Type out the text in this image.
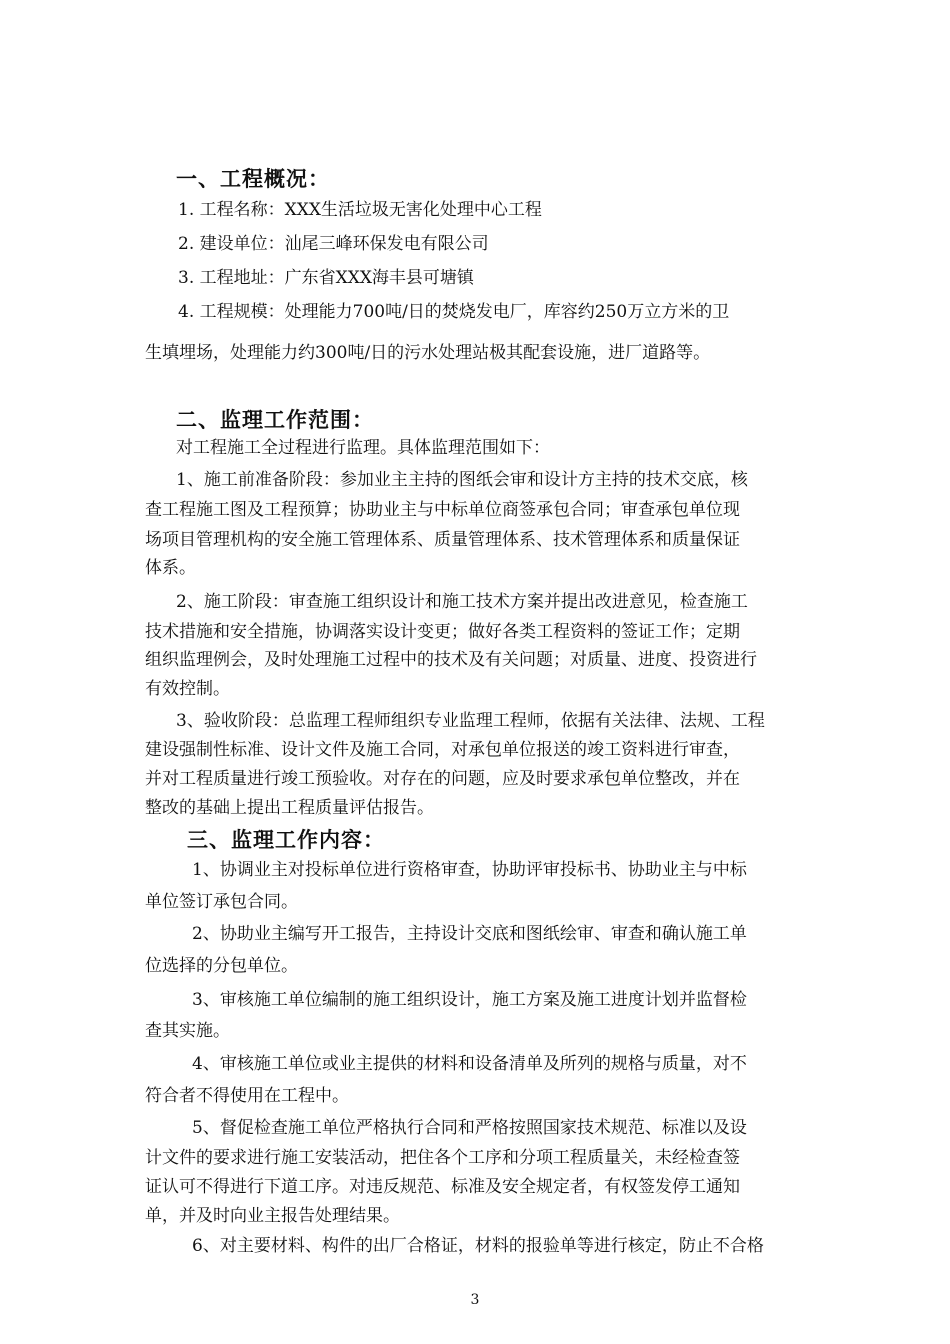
一、工程概况：
1. 工程名称：XXX生活垃圾无害化处理中心工程
2. 建设单位：汕尾三峰环保发电有限公司
3. 工程地址：广东省XXX海丰县可塘镇
4. 工程规模：处理能力700吨/日的焚烧发电厂，库容约250万立方米的卫
生填埋场，处理能力约300吨/日的污水处理站极其配套设施，进厂道路等。
二、监理工作范围：
对工程施工全过程进行监理。具体监理范围如下：
1、施工前准备阶段：参加业主主持的图纸会审和设计方主持的技术交底，核
查工程施工图及工程预算；协助业主与中标单位商签承包合同；审查承包单位现
场项目管理机构的安全施工管理体系、质量管理体系、技术管理体系和质量保证
体系。
2、施工阶段：审查施工组织设计和施工技术方案并提出改进意见，检查施工
技术措施和安全措施，协调落实设计变更；做好各类工程资料的签证工作；定期
组织监理例会，及时处理施工过程中的技术及有关问题；对质量、进度、投资进行
有效控制。
3、验收阶段：总监理工程师组织专业监理工程师，依据有关法律、法规、工程
建设强制性标准、设计文件及施工合同，对承包单位报送的竣工资料进行审查，
并对工程质量进行竣工预验收。对存在的问题，应及时要求承包单位整改，并在
整改的基础上提出工程质量评估报告。
三、监理工作内容：
1、协调业主对投标单位进行资格审查，协助评审投标书、协助业主与中标
单位签订承包合同。
2、协助业主编写开工报告，主持设计交底和图纸绘审、审查和确认施工单
位选择的分包单位。
3、审核施工单位编制的施工组织设计，施工方案及施工进度计划并监督检
查其实施。
4、审核施工单位或业主提供的材料和设备清单及所列的规格与质量，对不
符合者不得使用在工程中。
5、督促检查施工单位严格执行合同和严格按照国家技术规范、标准以及设
计文件的要求进行施工安装活动，把住各个工序和分项工程质量关，未经检查签
证认可不得进行下道工序。对违反规范、标准及安全规定者，有权签发停工通知
单，并及时向业主报告处理结果。
6、对主要材料、构件的出厂合格证，材料的报验单等进行核定，防止不合格
3
